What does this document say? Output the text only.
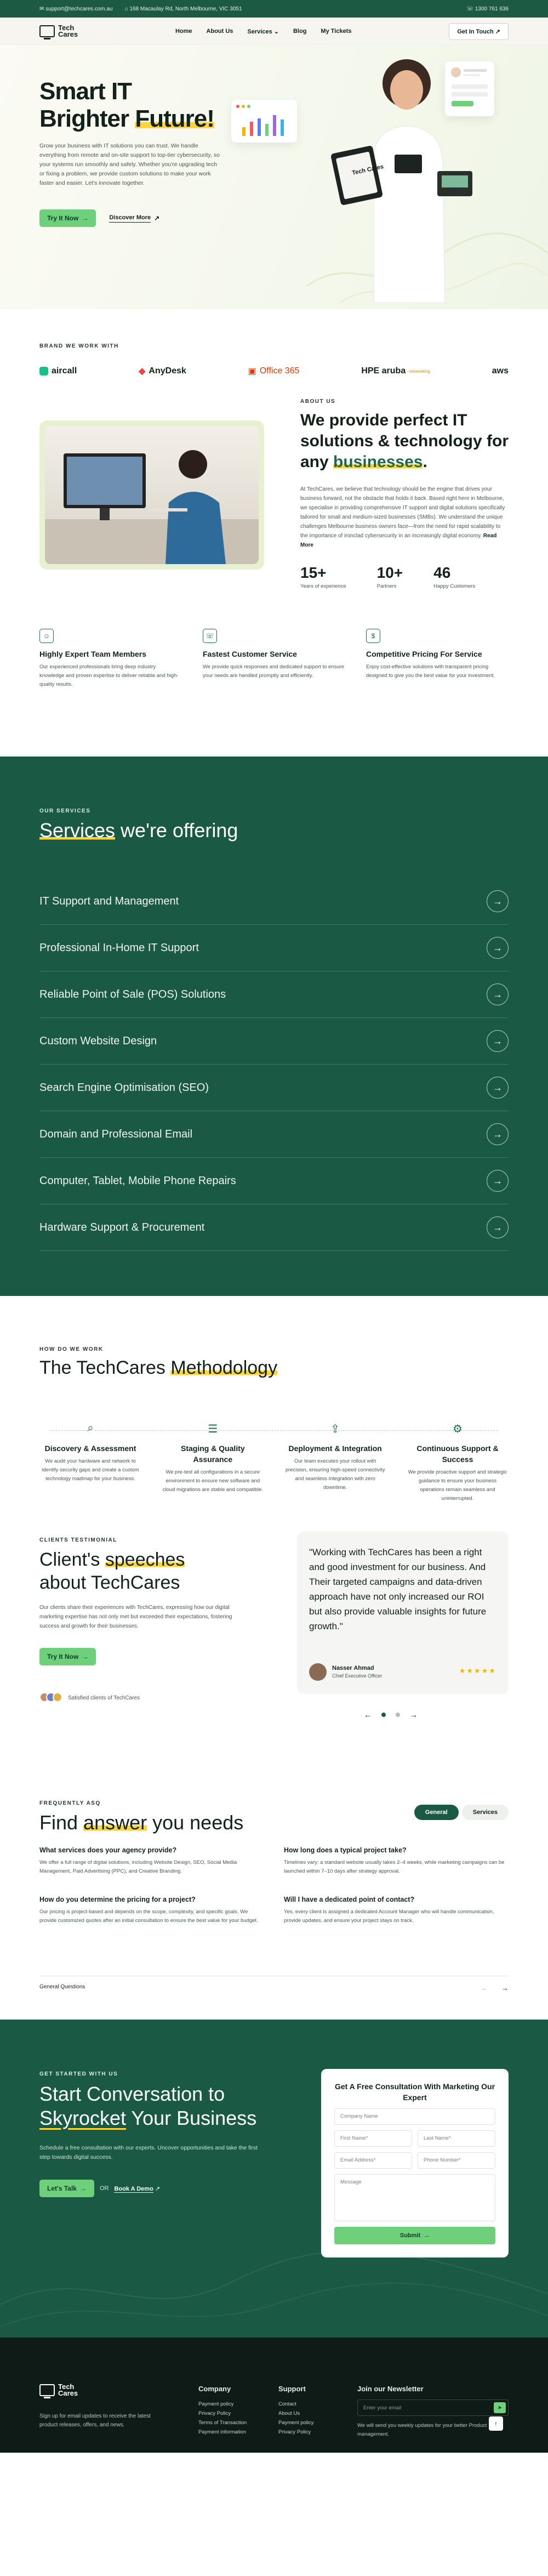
✉ support@techcares.com.au ⌂ 168 Macaulay Rd, North Melbourne, VIC 3051	☏ 1300 761 636
Tech
Cares	Home About Us Services ⌄ Blog My Tickets	Get In Touch ↗
Smart IT
Brighter Future!

Grow your business with IT solutions you can trust. We handle everything from remote and on-site support to top-tier cybersecurity, so your systems run smoothly and safely. Whether you're upgrading tech or fixing a problem, we provide custom solutions to make your work faster and easier. Let's innovate together.

Try It Now →	Discover More ↗
Tech Cares
BRAND WE WORK WITH
aircall	◆ AnyDesk	▣ Office 365	HPE aruba networking	aws
ABOUT US
We provide perfect IT solutions & technology for any businesses.

At TechCares, we believe that technology should be the engine that drives your business forward, not the obstacle that holds it back. Based right here in Melbourne, we specialise in providing comprehensive IT support and digital solutions specifically tailored for small and medium-sized businesses (SMBs). We understand the unique challenges Melbourne business owners face—from the need for rapid scalability to the importance of ironclad cybersecurity in an increasingly digital economy. Read More

15+
Years of experience
10+
Partners
46
Happy Customers
☺
Highly Expert Team Members

Our experienced professionals bring deep industry knowledge and proven expertise to deliver reliable and high-quality results.

☏
Fastest Customer Service

We provide quick responses and dedicated support to ensure your needs are handled promptly and efficiently.

$
Competitive Pricing For Service

Enjoy cost-effective solutions with transparent pricing designed to give you the best value for your investment.

OUR SERVICES
Services we're offering
IT Support and Management	→
Professional In-Home IT Support	→
Reliable Point of Sale (POS) Solutions	→
Custom Website Design	→
Search Engine Optimisation (SEO)	→
Domain and Professional Email	→
Computer, Tablet, Mobile Phone Repairs	→
Hardware Support & Procurement	→
HOW DO WE WORK
The TechCares Methodology
⌕
Discovery & Assessment

We audit your hardware and network to identify security gaps and create a custom technology roadmap for your business.

☰
Staging & Quality Assurance

We pre-test all configurations in a secure environment to ensure new software and cloud migrations are stable and compatible.

⇪
Deployment & Integration

Our team executes your rollout with precision, ensuring high-speed connectivity and seamless integration with zero downtime.

⚙
Continuous Support & Success

We provide proactive support and strategic guidance to ensure your business operations remain seamless and uninterrupted.

CLIENTS TESTIMONIAL
Client's speeches
about TechCares
Our clients share their experiences with TechCares, expressing how our digital marketing expertise has not only met but exceeded their expectations, fostering success and growth for their businesses.
Try It Now →
Satisfied clients of TechCares

"Working with TechCares has been a right and good investment for our business. And Their targeted campaigns and data-driven approach have not only increased our ROI but also provide valuable insights for future growth."

Nasser Ahmad
Chief Executive Officer
★★★★★
←	→
FREQUENTLY ASQ
Find answer you needs	General	Services
What services does your agency provide?

We offer a full range of digital solutions, including Website Design, SEO, Social Media Management, Paid Advertising (PPC), and Creative Branding.

How long does a typical project take?

Timelines vary: a standard website usually takes 2–4 weeks, while marketing campaigns can be launched within 7–10 days after strategy approval.

How do you determine the pricing for a project?

Our pricing is project-based and depends on the scope, complexity, and specific goals. We provide customized quotes after an initial consultation to ensure the best value for your budget.

Will I have a dedicated point of contact?

Yes, every client is assigned a dedicated Account Manager who will handle communication, provide updates, and ensure your project stays on track.

General Questions	← →
GET STARTED WITH US
Start Conversation to
Skyrocket Your Business
Schedule a free consultation with our experts. Uncover opportunities and take the first step towards digital success.
Let's Talk → OR Book A Demo ↗
Get A Free Consultation With Marketing Our Expert
Company Name
First Name*	Last Name*
Email Address*	Phone Number*
Message
Submit →
Tech
Cares
Sign up for email updates to receive the latest product releases, offers, and news.
Company
Payment policy
Privacy Policy
Terms of Transaction
Payment information
Support
Contact
About Us
Payment policy
Privacy Policy
Join our Newsletter
Enter your email	➤

We will send you weekly updates for your better Product management.

↑
